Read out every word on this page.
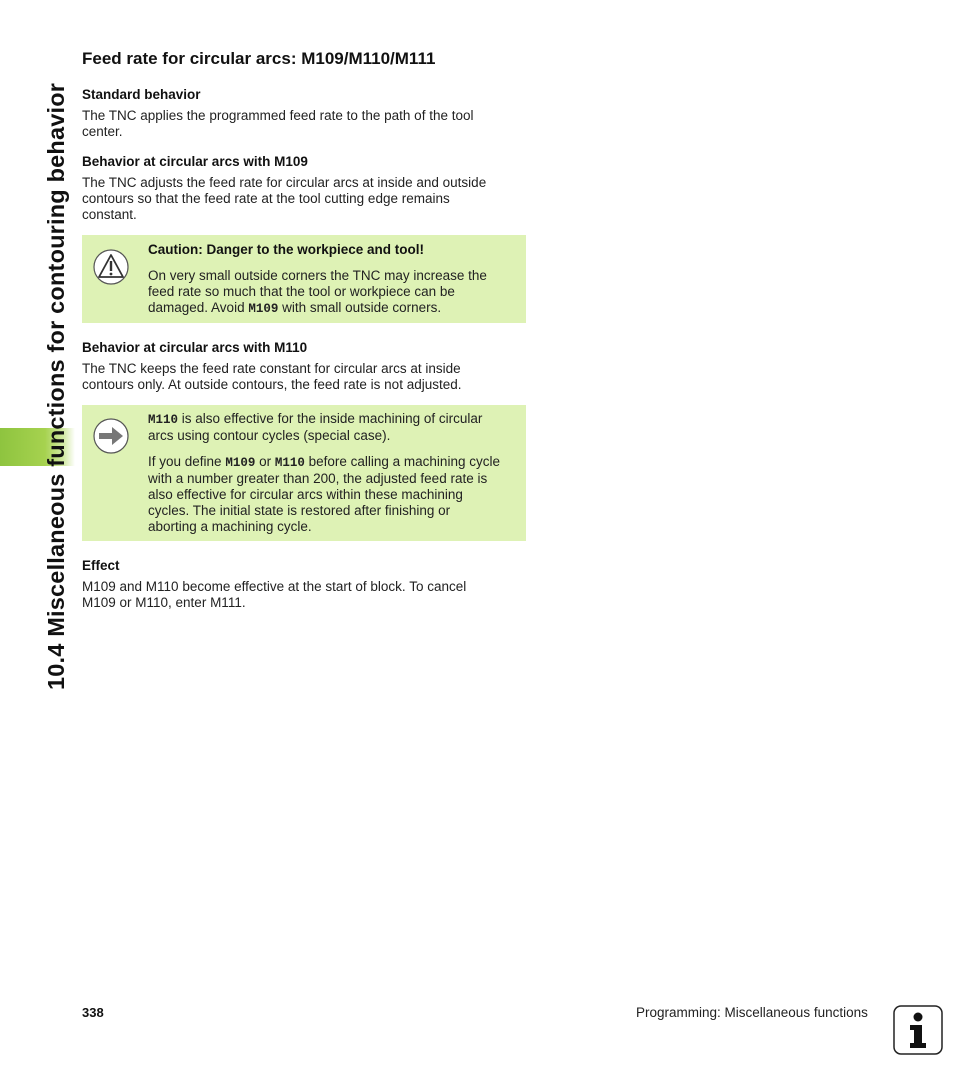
10.4 Miscellaneous functions for contouring behavior
Feed rate for circular arcs: M109/M110/M111
Standard behavior
The TNC applies the programmed feed rate to the path of the tool
center.
Behavior at circular arcs with M109
The TNC adjusts the feed rate for circular arcs at inside and outside
contours so that the feed rate at the tool cutting edge remains
constant.
Caution: Danger to the workpiece and tool!
On very small outside corners the TNC may increase the
feed rate so much that the tool or workpiece can be
damaged. Avoid M109 with small outside corners.
Behavior at circular arcs with M110
The TNC keeps the feed rate constant for circular arcs at inside
contours only. At outside contours, the feed rate is not adjusted.
M110 is also effective for the inside machining of circular
arcs using contour cycles (special case).
If you define M109 or M110 before calling a machining cycle
with a number greater than 200, the adjusted feed rate is
also effective for circular arcs within these machining
cycles. The initial state is restored after finishing or
aborting a machining cycle.
Effect
M109 and M110 become effective at the start of block. To cancel
M109 or M110, enter M111.
338	Programming: Miscellaneous functions
